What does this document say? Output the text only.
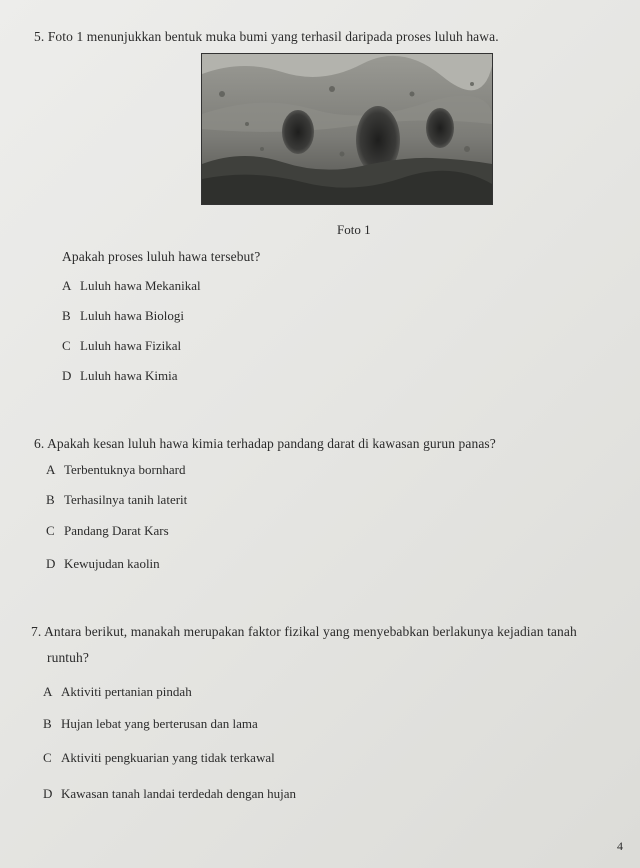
5. Foto 1 menunjukkan bentuk muka bumi yang terhasil daripada proses luluh hawa.
Foto 1
Apakah proses luluh hawa tersebut?
A Luluh hawa Mekanikal
B Luluh hawa Biologi
C Luluh hawa Fizikal
D Luluh hawa Kimia
6. Apakah kesan luluh hawa kimia terhadap pandang darat di kawasan gurun panas?
A Terbentuknya bornhard
B Terhasilnya tanih laterit
C Pandang Darat Kars
D Kewujudan kaolin
7. Antara berikut, manakah merupakan faktor fizikal yang menyebabkan berlakunya kejadian tanah
runtuh?
A Aktiviti pertanian pindah
B Hujan lebat yang berterusan dan lama
C Aktiviti pengkuarian yang tidak terkawal
D Kawasan tanah landai terdedah dengan hujan
4
